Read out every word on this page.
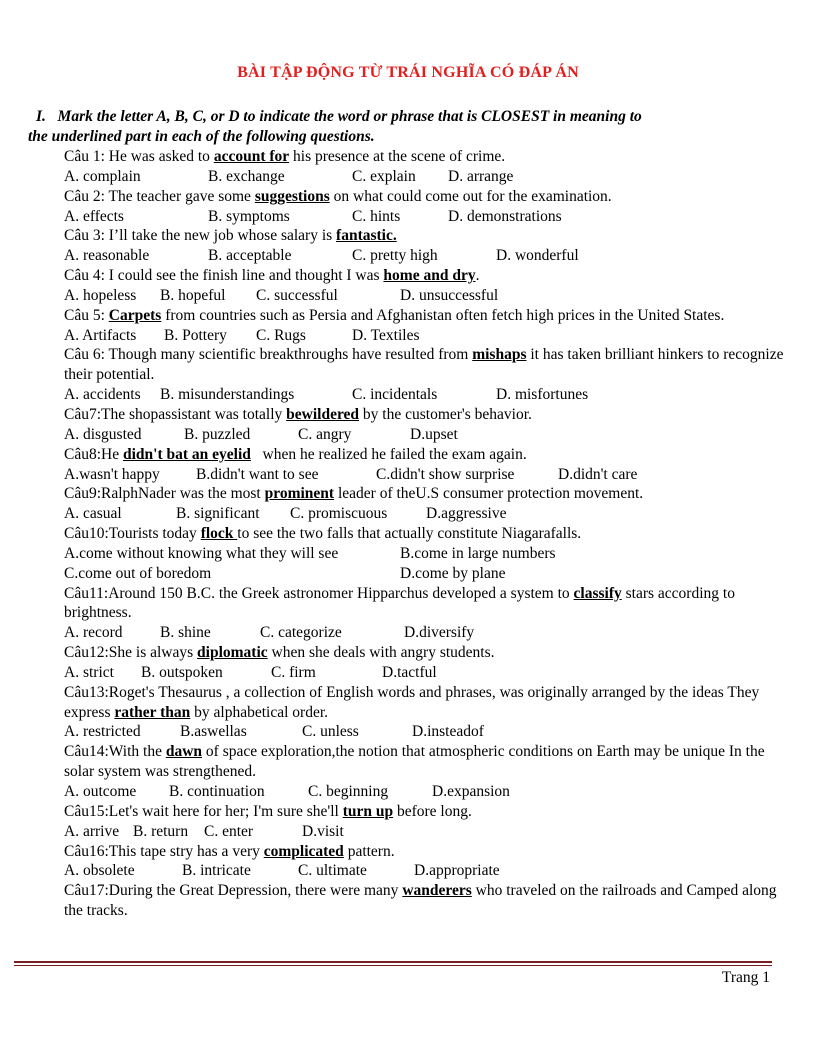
BÀI TẬP ĐỘNG TỪ TRÁI NGHĨA CÓ ĐÁP ÁN
I. Mark the letter A, B, C, or D to indicate the word or phrase that is CLOSEST in meaning to
the underlined part in each of the following questions.
Câu 1: He was asked to account for his presence at the scene of crime.
A. complain	B. exchange	C. explain	D. arrange
Câu 2: The teacher gave some suggestions on what could come out for the examination.
A. effects	B. symptoms	C. hints	D. demonstrations
Câu 3: I’ll take the new job whose salary is fantastic.
A. reasonable	B. acceptable	C. pretty high	D. wonderful
Câu 4: I could see the finish line and thought I was home and dry.
A. hopeless	B. hopeful	C. successful	D. unsuccessful
Câu 5: Carpets from countries such as Persia and Afghanistan often fetch high prices in the United States.
A. Artifacts	B. Pottery	C. Rugs	D. Textiles
Câu 6: Though many scientific breakthroughs have resulted from mishaps it has taken brilliant hinkers to recognize their potential.
A. accidents	B. misunderstandings	C. incidentals	D. misfortunes
Câu7:The shopassistant was totally bewildered by the customer's behavior.
A. disgusted	B. puzzled	C. angry	D.upset
Câu8:He didn't bat an eyelid   when he realized he failed the exam again.
A.wasn't happy	B.didn't want to see	C.didn't show surprise	D.didn't care
Câu9:RalphNader was the most prominent leader of theU.S consumer protection movement.
A. casual	B. significant	C. promiscuous	D.aggressive
Câu10:Tourists today flock to see the two falls that actually constitute Niagarafalls.
A.come without knowing what they will see	B.come in large numbers
C.come out of boredom	D.come by plane
Câu11:Around 150 B.C. the Greek astronomer Hipparchus developed a system to classify stars according to brightness.
A. record	B. shine	C. categorize	D.diversify
Câu12:She is always diplomatic when she deals with angry students.
A. strict	B. outspoken	C. firm	D.tactful
Câu13:Roget's Thesaurus , a collection of English words and phrases, was originally arranged by the ideas They express rather than by alphabetical order.
A. restricted	B.aswellas	C. unless	D.insteadof
Câu14:With the dawn of space exploration,the notion that atmospheric conditions on Earth may be unique In the solar system was strengthened.
A. outcome	B. continuation	C. beginning	D.expansion
Câu15:Let's wait here for her; I'm sure she'll turn up before long.
A. arrive B. return	C. enter	D.visit
Câu16:This tape stry has a very complicated pattern.
A. obsolete	B. intricate	C. ultimate	D.appropriate
Câu17:During the Great Depression, there were many wanderers who traveled on the railroads and Camped along the tracks.
Trang 1
